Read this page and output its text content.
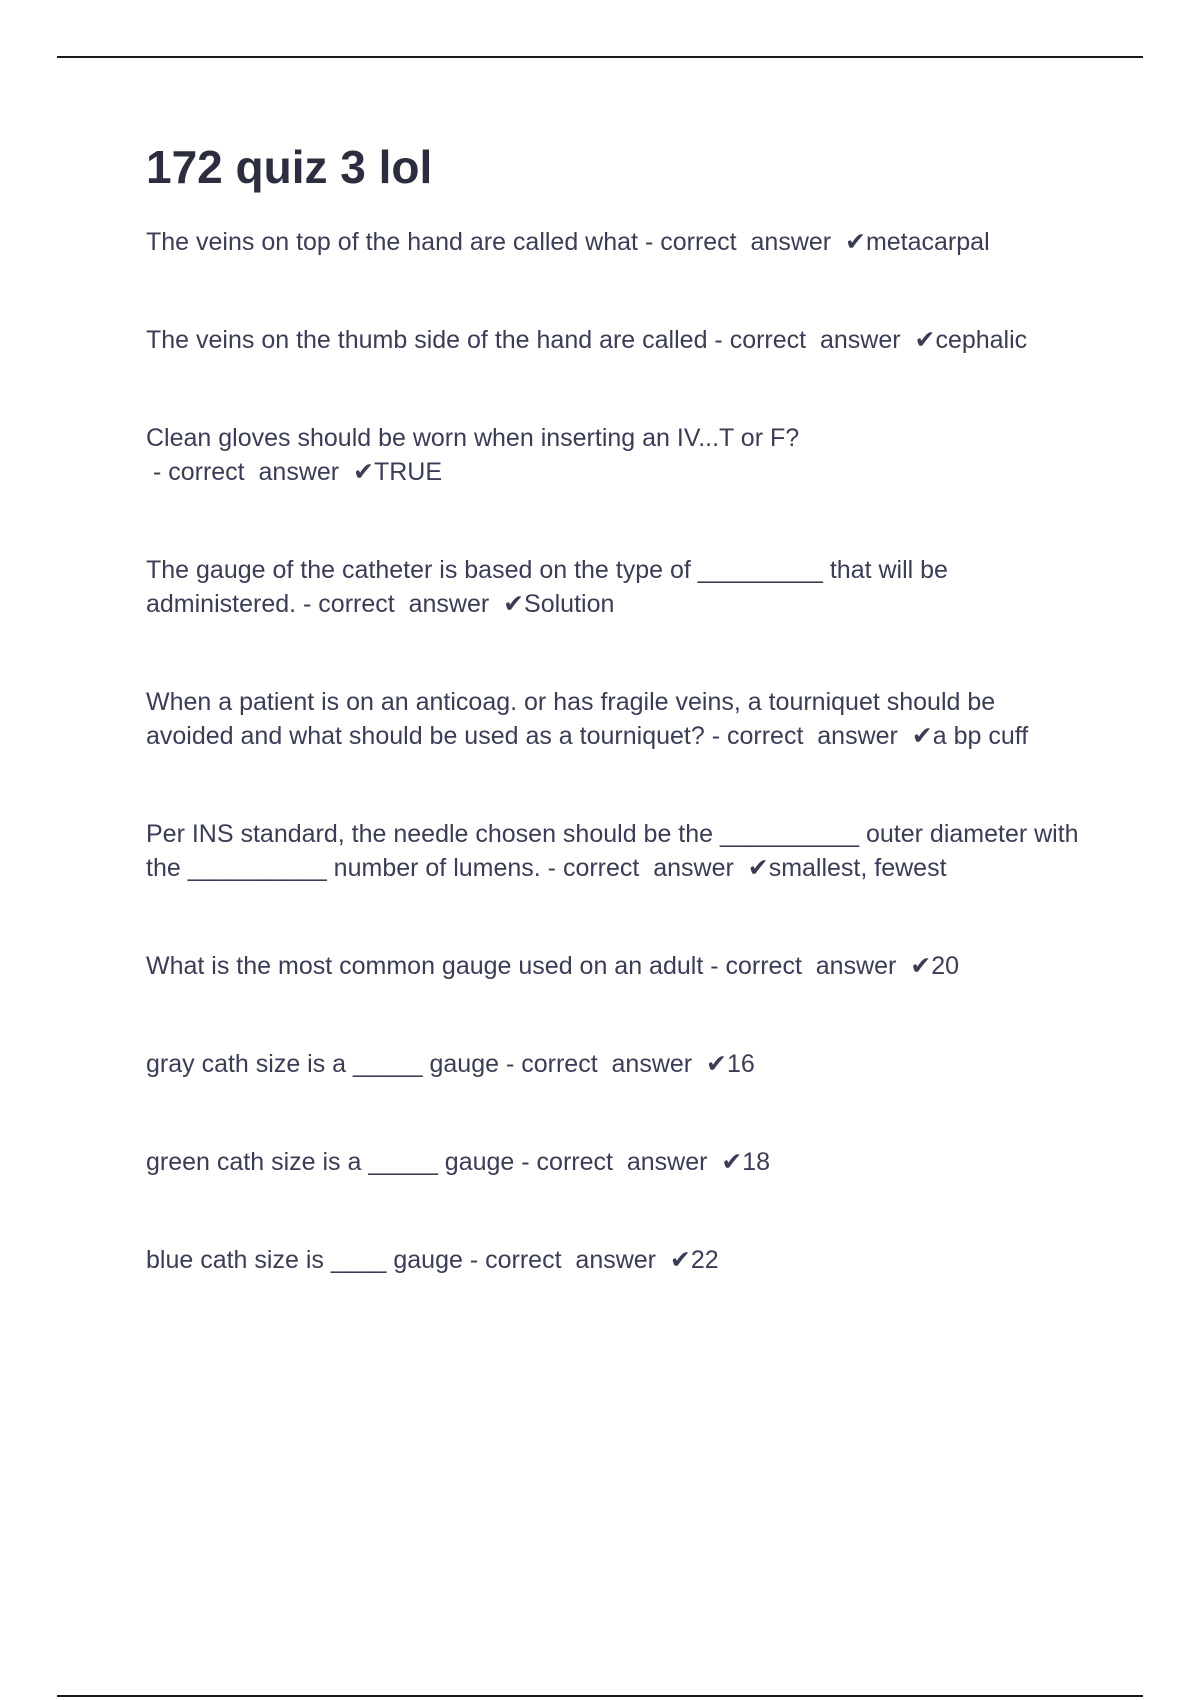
172 quiz 3 lol
The veins on top of the hand are called what - correct  answer  ✔metacarpal
The veins on the thumb side of the hand are called - correct  answer  ✔cephalic
Clean gloves should be worn when inserting an IV...T or F? - correct  answer  ✔TRUE
The gauge of the catheter is based on the type of _________ that will be administered. - correct  answer  ✔Solution
When a patient is on an anticoag. or has fragile veins, a tourniquet should be avoided and what should be used as a tourniquet? - correct  answer  ✔a bp cuff
Per INS standard, the needle chosen should be the __________ outer diameter with the __________ number of lumens. - correct  answer  ✔smallest, fewest
What is the most common gauge used on an adult - correct  answer  ✔20
gray cath size is a _____ gauge - correct  answer  ✔16
green cath size is a _____ gauge - correct  answer  ✔18
blue cath size is ____ gauge - correct  answer  ✔22
